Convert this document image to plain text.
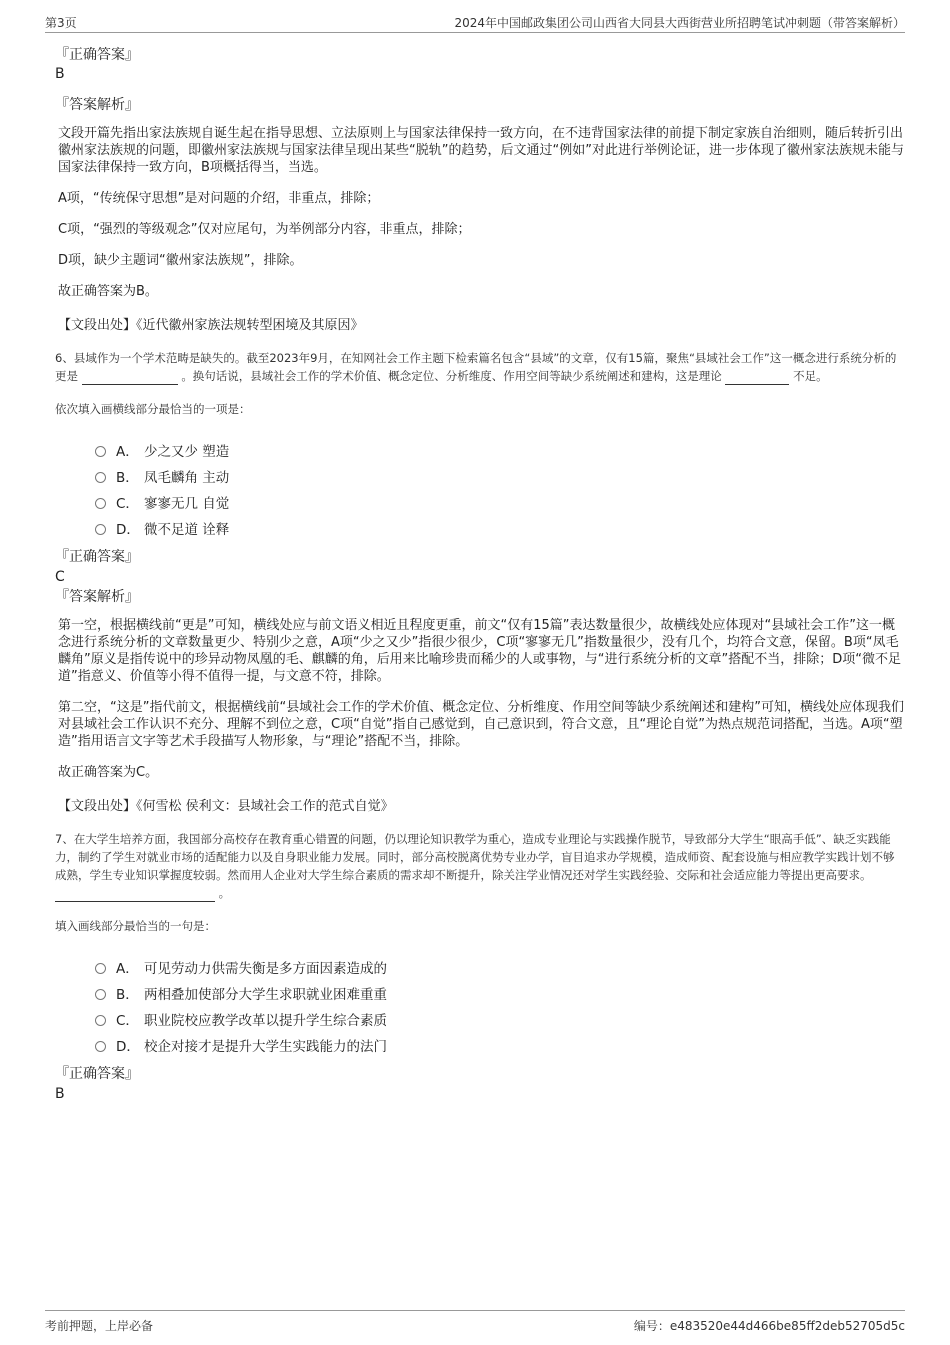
第3页	2024年中国邮政集团公司山西省大同县大西街营业所招聘笔试冲刺题（带答案解析）
『正确答案』
B
『答案解析』
文段开篇先指出家法族规自诞生起在指导思想、立法原则上与国家法律保持一致方向，在不违背国家法律的前提下制定家族自治细则，随后转折引出徽州家法族规的问题，即徽州家法族规与国家法律呈现出某些“脱轨”的趋势，后文通过“例如”对此进行举例论证，进一步体现了徽州家法族规未能与国家法律保持一致方向，B项概括得当，当选。
A项，“传统保守思想”是对问题的介绍，非重点，排除；
C项，“强烈的等级观念”仅对应尾句，为举例部分内容，非重点，排除；
D项，缺少主题词“徽州家法族规”，排除。
故正确答案为B。
【文段出处】《近代徽州家族法规转型困境及其原因》
6、县域作为一个学术范畴是缺失的。截至2023年9月，在知网社会工作主题下检索篇名包含“县域”的文章，仅有15篇，聚焦“县域社会工作”这一概念进行系统分析的更是	。换句话说，县域社会工作的学术价值、概念定位、分析维度、作用空间等缺少系统阐述和建构，这是理论	不足。
依次填入画横线部分最恰当的一项是：
A． 少之又少 塑造
B． 凤毛麟角 主动
C． 寥寥无几 自觉
D． 微不足道 诠释
『正确答案』
C
『答案解析』
第一空，根据横线前“更是”可知，横线处应与前文语义相近且程度更重，前文“仅有15篇”表达数量很少，故横线处应体现对“县域社会工作”这一概念进行系统分析的文章数量更少、特别少之意，A项“少之又少”指很少很少，C项“寥寥无几”指数量很少，没有几个，均符合文意，保留。B项“凤毛麟角”原义是指传说中的珍异动物凤凰的毛、麒麟的角，后用来比喻珍贵而稀少的人或事物，与“进行系统分析的文章”搭配不当，排除；D项“微不足道”指意义、价值等小得不值得一提，与文意不符，排除。
第二空，“这是”指代前文，根据横线前“县域社会工作的学术价值、概念定位、分析维度、作用空间等缺少系统阐述和建构”可知，横线处应体现我们对县域社会工作认识不充分、理解不到位之意，C项“自觉”指自己感觉到，自己意识到，符合文意，且“理论自觉”为热点规范词搭配，当选。A项“塑造”指用语言文字等艺术手段描写人物形象，与“理论”搭配不当，排除。
故正确答案为C。
【文段出处】《何雪松 侯利文：县域社会工作的范式自觉》
7、在大学生培养方面，我国部分高校存在教育重心错置的问题，仍以理论知识教学为重心，造成专业理论与实践操作脱节，导致部分大学生“眼高手低”、缺乏实践能力，制约了学生对就业市场的适配能力以及自身职业能力发展。同时，部分高校脱离优势专业办学，盲目追求办学规模，造成师资、配套设施与相应教学实践计划不够成熟，学生专业知识掌握度较弱。然而用人企业对大学生综合素质的需求却不断提升，除关注学业情况还对学生实践经验、交际和社会适应能力等提出更高要求。  。
填入画线部分最恰当的一句是：
A． 可见劳动力供需失衡是多方面因素造成的
B． 两相叠加使部分大学生求职就业困难重重
C． 职业院校应教学改革以提升学生综合素质
D． 校企对接才是提升大学生实践能力的法门
『正确答案』
B
考前押题，上岸必备	编号：e483520e44d466be85ff2deb52705d5c
